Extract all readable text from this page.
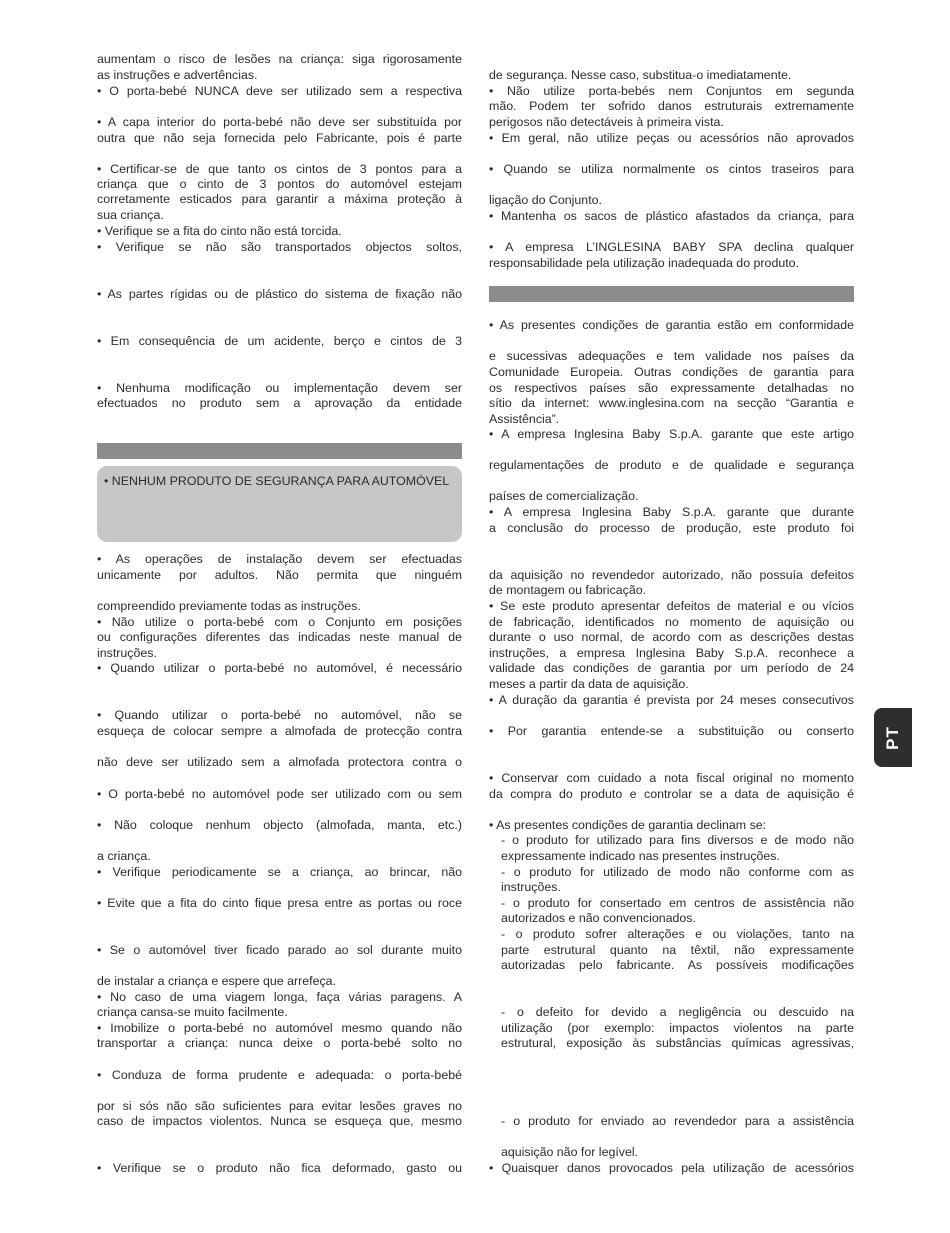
aumentam o risco de lesões na criança: siga rigorosamente
as instruções e advertências.
• O porta-bebé NUNCA deve ser utilizado sem a respectiva
• A capa interior do porta-bebé não deve ser substituída por
outra que não seja fornecida pelo Fabricante, pois é parte
• Certificar-se de que tanto os cintos de 3 pontos para a
criança que o cinto de 3 pontos do automóvel estejam
corretamente esticados para garantir a máxima proteção à
sua criança.
• Verifique se a fita do cinto não está torcida.
• Verifique se não são transportados objectos soltos,
• As partes rígidas ou de plástico do sistema de fixação não
• Em consequência de um acidente, berço e cintos de 3
• Nenhuma modificação ou implementação devem ser
efectuados no produto sem a aprovação da entidade
• NENHUM PRODUTO DE SEGURANÇA PARA AUTOMÓVEL
• As operações de instalação devem ser efectuadas
unicamente por adultos. Não permita que ninguém
compreendido previamente todas as instruções.
• Não utilize o porta-bebé com o Conjunto em posições
ou configurações diferentes das indicadas neste manual de
instruções.
• Quando utilizar o porta-bebé no automóvel, é necessário
• Quando utilizar o porta-bebé no automóvel, não se
esqueça de colocar sempre a almofada de protecção contra
não deve ser utilizado sem a almofada protectora contra o
• O porta-bebé no automóvel pode ser utilizado com ou sem
• Não coloque nenhum objecto (almofada, manta, etc.)
a criança.
• Verifique periodicamente se a criança, ao brincar, não
• Evite que a fita do cinto fique presa entre as portas ou roce
• Se o automóvel tiver ficado parado ao sol durante muito
de instalar a criança e espere que arrefeça.
• No caso de uma viagem longa, faça várias paragens. A
criança cansa-se muito facilmente.
• Imobilize o porta-bebé no automóvel mesmo quando não
transportar a criança: nunca deixe o porta-bebé solto no
• Conduza de forma prudente e adequada: o porta-bebé
por si sós não são suficientes para evitar lesões graves no
caso de impactos violentos. Nunca se esqueça que, mesmo
• Verifique se o produto não fica deformado, gasto ou
de segurança. Nesse caso, substitua-o imediatamente.
• Não utilize porta-bebés nem Conjuntos em segunda
mão. Podem ter sofrido danos estruturais extremamente
perigosos não detectáveis à primeira vista.
• Em geral, não utilize peças ou acessórios não aprovados
• Quando se utiliza normalmente os cintos traseiros para
ligação do Conjunto.
• Mantenha os sacos de plástico afastados da criança, para
• A empresa L’INGLESINA BABY SPA declina qualquer
responsabilidade pela utilização inadequada do produto.
• As presentes condições de garantia estão em conformidade
e sucessivas adequações e tem validade nos países da
Comunidade Europeia. Outras condições de garantia para
os respectivos países são expressamente detalhadas no
sítio da internet: www.inglesina.com na secção “Garantia e
Assistência”.
• A empresa Inglesina Baby S.p.A. garante que este artigo
regulamentações de produto e de qualidade e segurança
países de comercialização.
• A empresa Inglesina Baby S.p.A. garante que durante
a conclusão do processo de produção, este produto foi
da aquisição no revendedor autorizado, não possuía defeitos
de montagem ou fabricação.
• Se este produto apresentar defeitos de material e ou vícios
de fabricação, identificados no momento de aquisição ou
durante o uso normal, de acordo com as descrições destas
instruções, a empresa Inglesina Baby S.p.A. reconhece a
validade das condições de garantia por um período de 24
meses a partir da data de aquisição.
• A duração da garantia é prevista por 24 meses consecutivos
• Por garantia entende-se a substituição ou conserto
• Conservar com cuidado a nota fiscal original no momento
da compra do produto e controlar se a data de aquisição é
• As presentes condições de garantia declinam se:
- o produto for utilizado para fins diversos e de modo não
expressamente indicado nas presentes instruções.
- o produto for utilizado de modo não conforme com as
instruções.
- o produto for consertado em centros de assistência não
autorizados e não convencionados.
- o produto sofrer alterações e ou violações, tanto na
parte estrutural quanto na têxtil, não expressamente
autorizadas pelo fabricante. As possíveis modificações
- o defeito for devido a negligência ou descuido na
utilização (por exemplo: impactos violentos na parte
estrutural, exposição às substâncias químicas agressivas,
- o produto for enviado ao revendedor para a assistência
aquisição não for legível.
• Quaisquer danos provocados pela utilização de acessórios
PT
